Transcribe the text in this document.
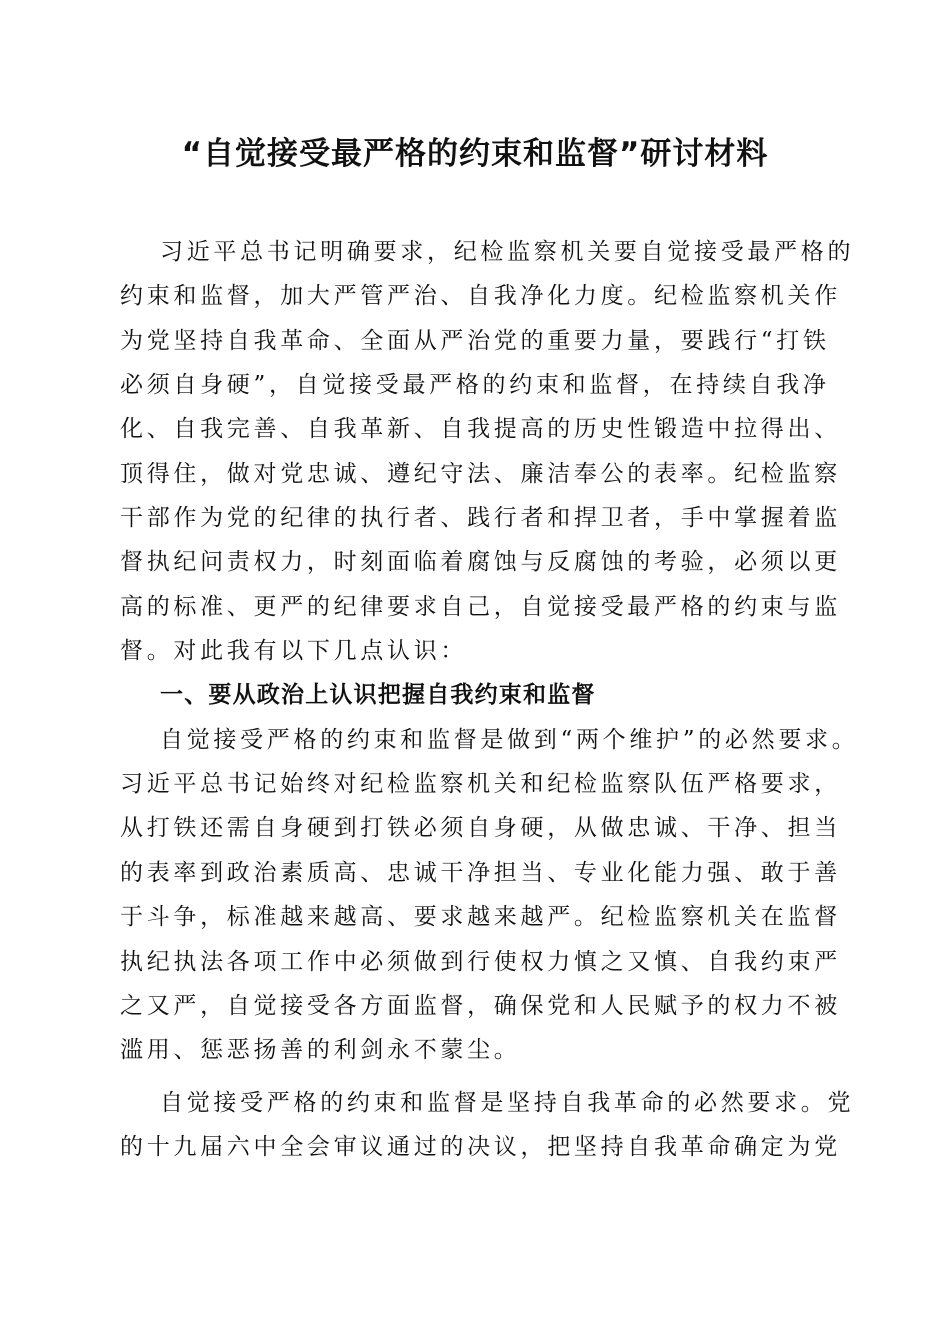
“自觉接受最严格的约束和监督”研讨材料
习近平总书记明确要求，纪检监察机关要自觉接受最严格的
约束和监督，加大严管严治、自我净化力度。纪检监察机关作
为党坚持自我革命、全面从严治党的重要力量，要践行“打铁
必须自身硬”，自觉接受最严格的约束和监督，在持续自我净
化、自我完善、自我革新、自我提高的历史性锻造中拉得出、
顶得住，做对党忠诚、遵纪守法、廉洁奉公的表率。纪检监察
干部作为党的纪律的执行者、践行者和捍卫者，手中掌握着监
督执纪问责权力，时刻面临着腐蚀与反腐蚀的考验，必须以更
高的标准、更严的纪律要求自己，自觉接受最严格的约束与监
督。对此我有以下几点认识：
一、要从政治上认识把握自我约束和监督
自觉接受严格的约束和监督是做到“两个维护”的必然要求。
习近平总书记始终对纪检监察机关和纪检监察队伍严格要求，
从打铁还需自身硬到打铁必须自身硬，从做忠诚、干净、担当
的表率到政治素质高、忠诚干净担当、专业化能力强、敢于善
于斗争，标准越来越高、要求越来越严。纪检监察机关在监督
执纪执法各项工作中必须做到行使权力慎之又慎、自我约束严
之又严，自觉接受各方面监督，确保党和人民赋予的权力不被
滥用、惩恶扬善的利剑永不蒙尘。
自觉接受严格的约束和监督是坚持自我革命的必然要求。党
的十九届六中全会审议通过的决议，把坚持自我革命确定为党
